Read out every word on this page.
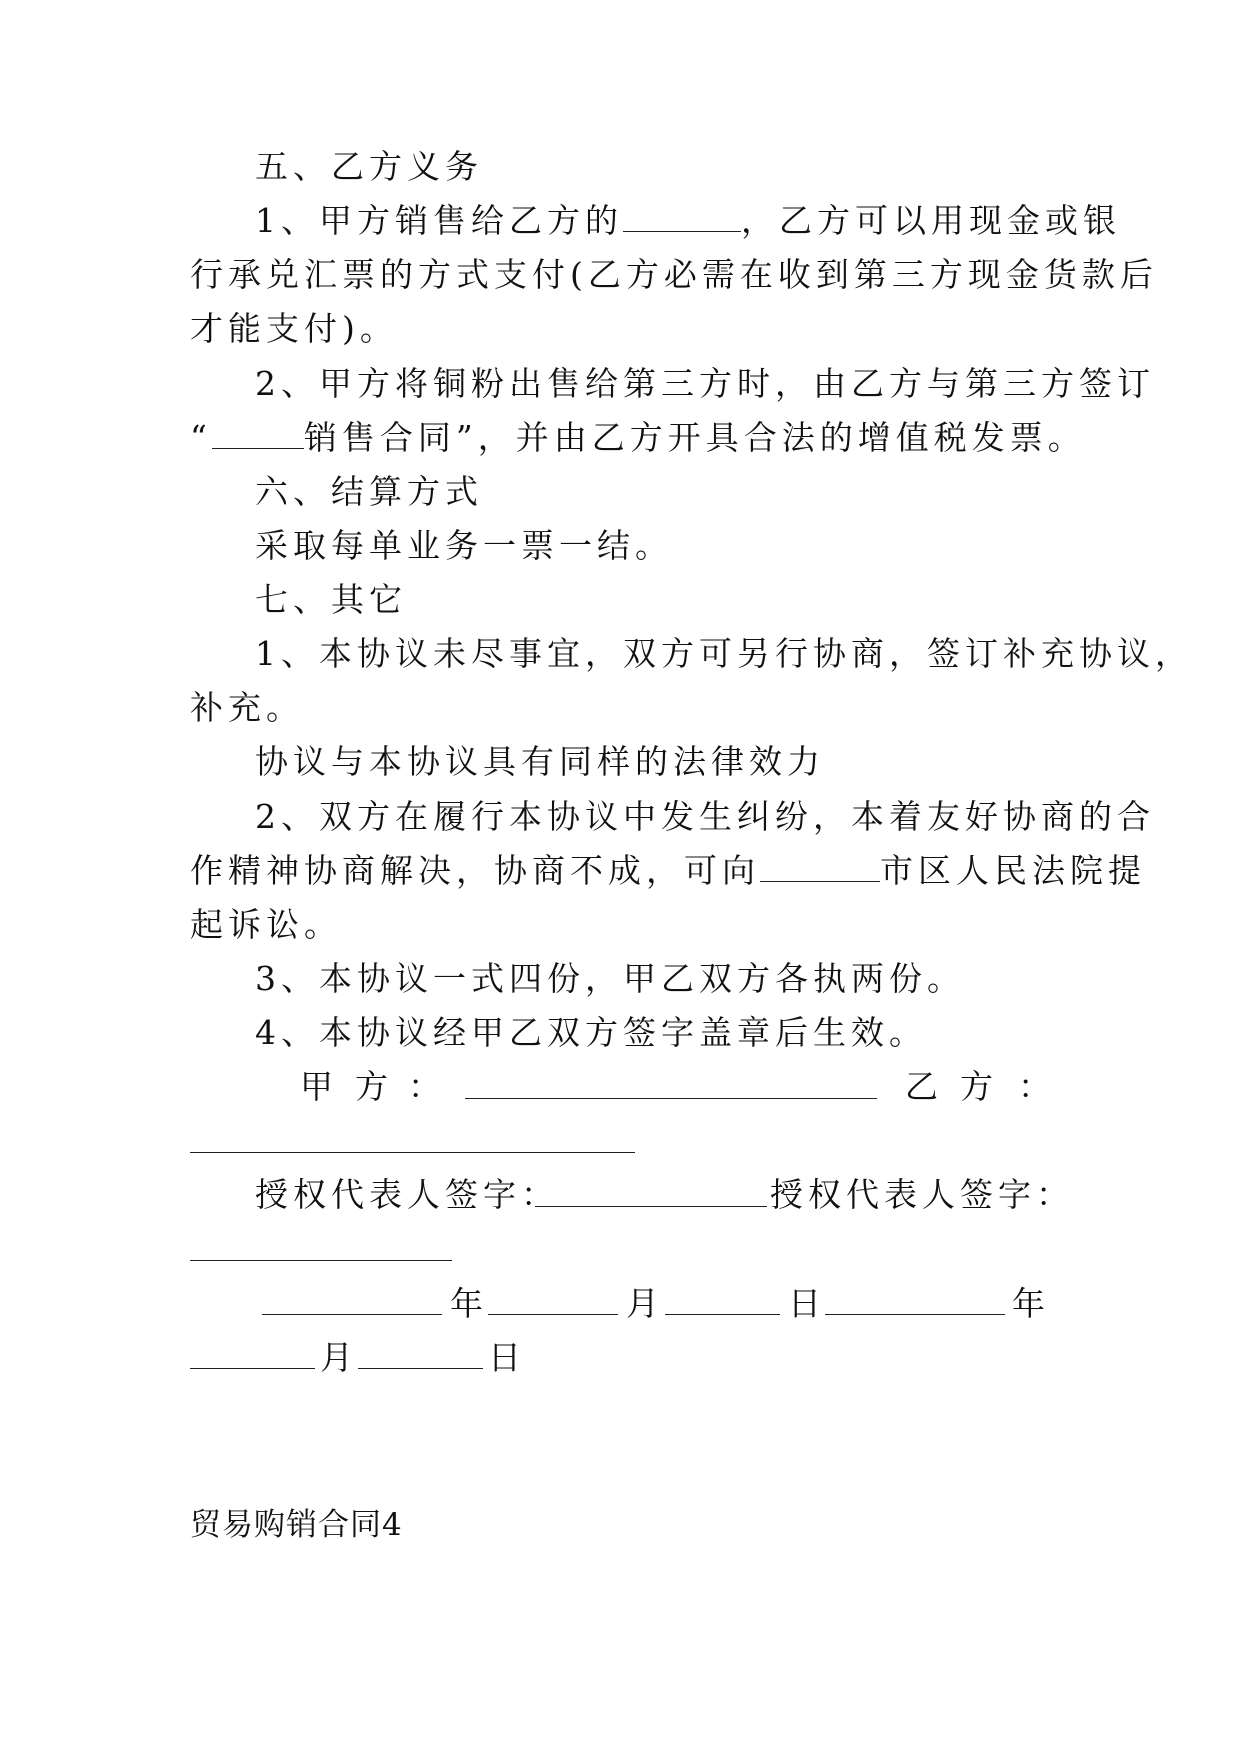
五、乙方义务
1、甲方销售给乙方的	，乙方可以用现金或银
行承兑汇票的方式支付(乙方必需在收到第三方现金货款后
才能支付)。
2、甲方将铜粉出售给第三方时，由乙方与第三方签订
“	销售合同”，并由乙方开具合法的增值税发票。
六、结算方式
采取每单业务一票一结。
七、其它
1、本协议未尽事宜，双方可另行协商，签订补充协议，
补充。
协议与本协议具有同样的法律效力
2、双方在履行本协议中发生纠纷，本着友好协商的合
作精神协商解决，协商不成，可向	市区人民法院提
起诉讼。
3、本协议一式四份，甲乙双方各执两份。
4、本协议经甲乙双方签字盖章后生效。
甲 方 ：	乙 方 ：
授权代表人签字：	授权代表人签字：
年	月	日	年
月	日
贸易购销合同4
